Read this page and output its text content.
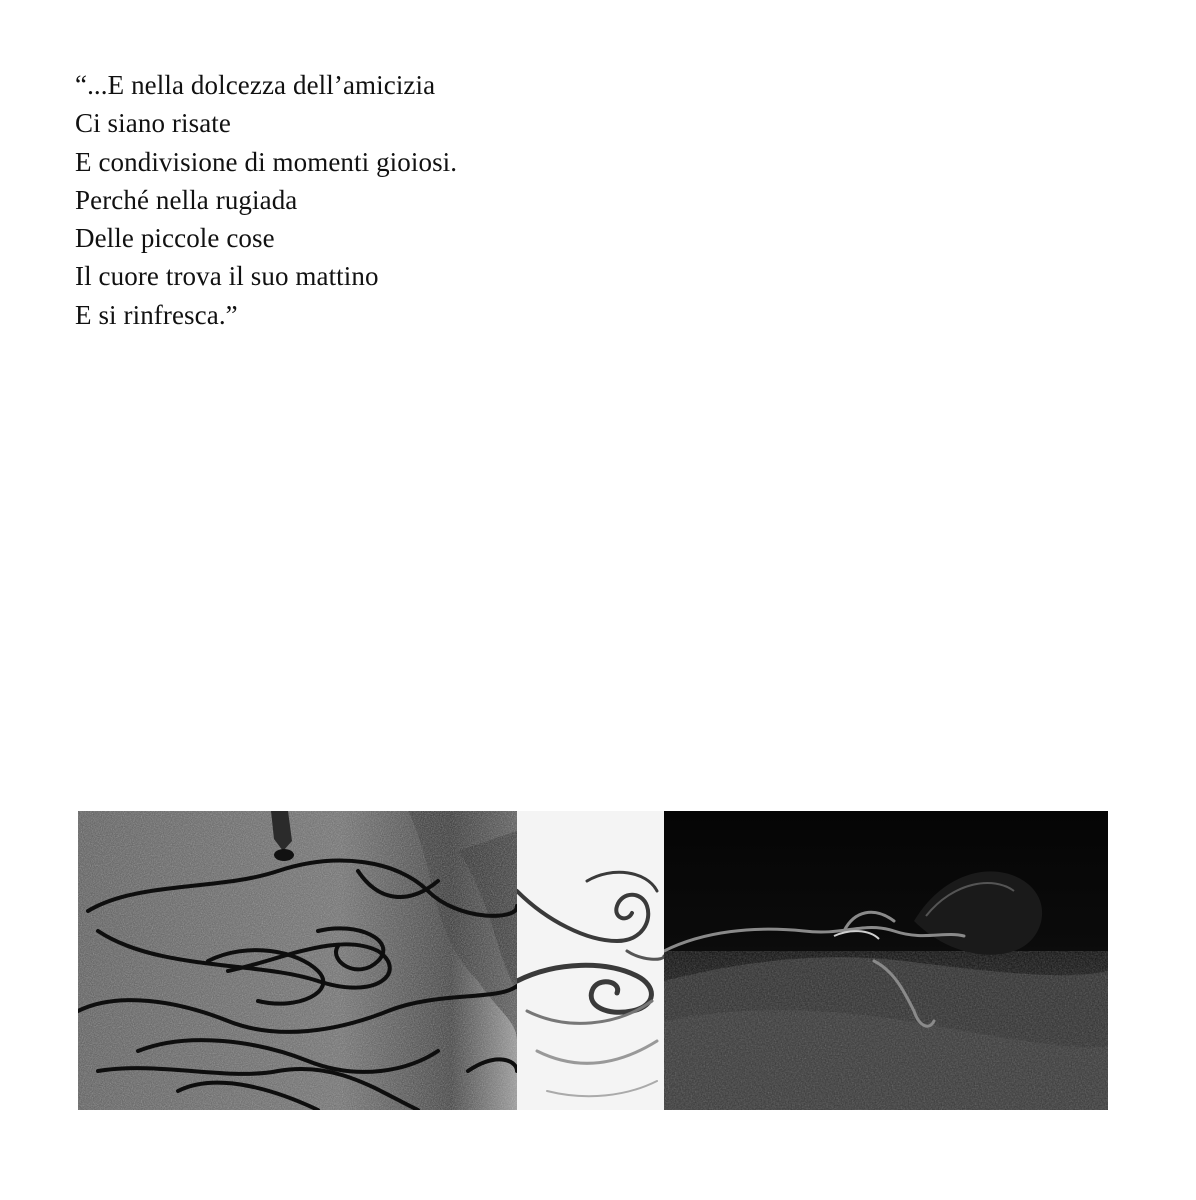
“...E nella dolcezza dell’amicizia
Ci siano risate
E condivisione di momenti gioiosi.
Perché nella rugiada
Delle piccole cose
Il cuore trova il suo mattino
E si rinfresca.”
